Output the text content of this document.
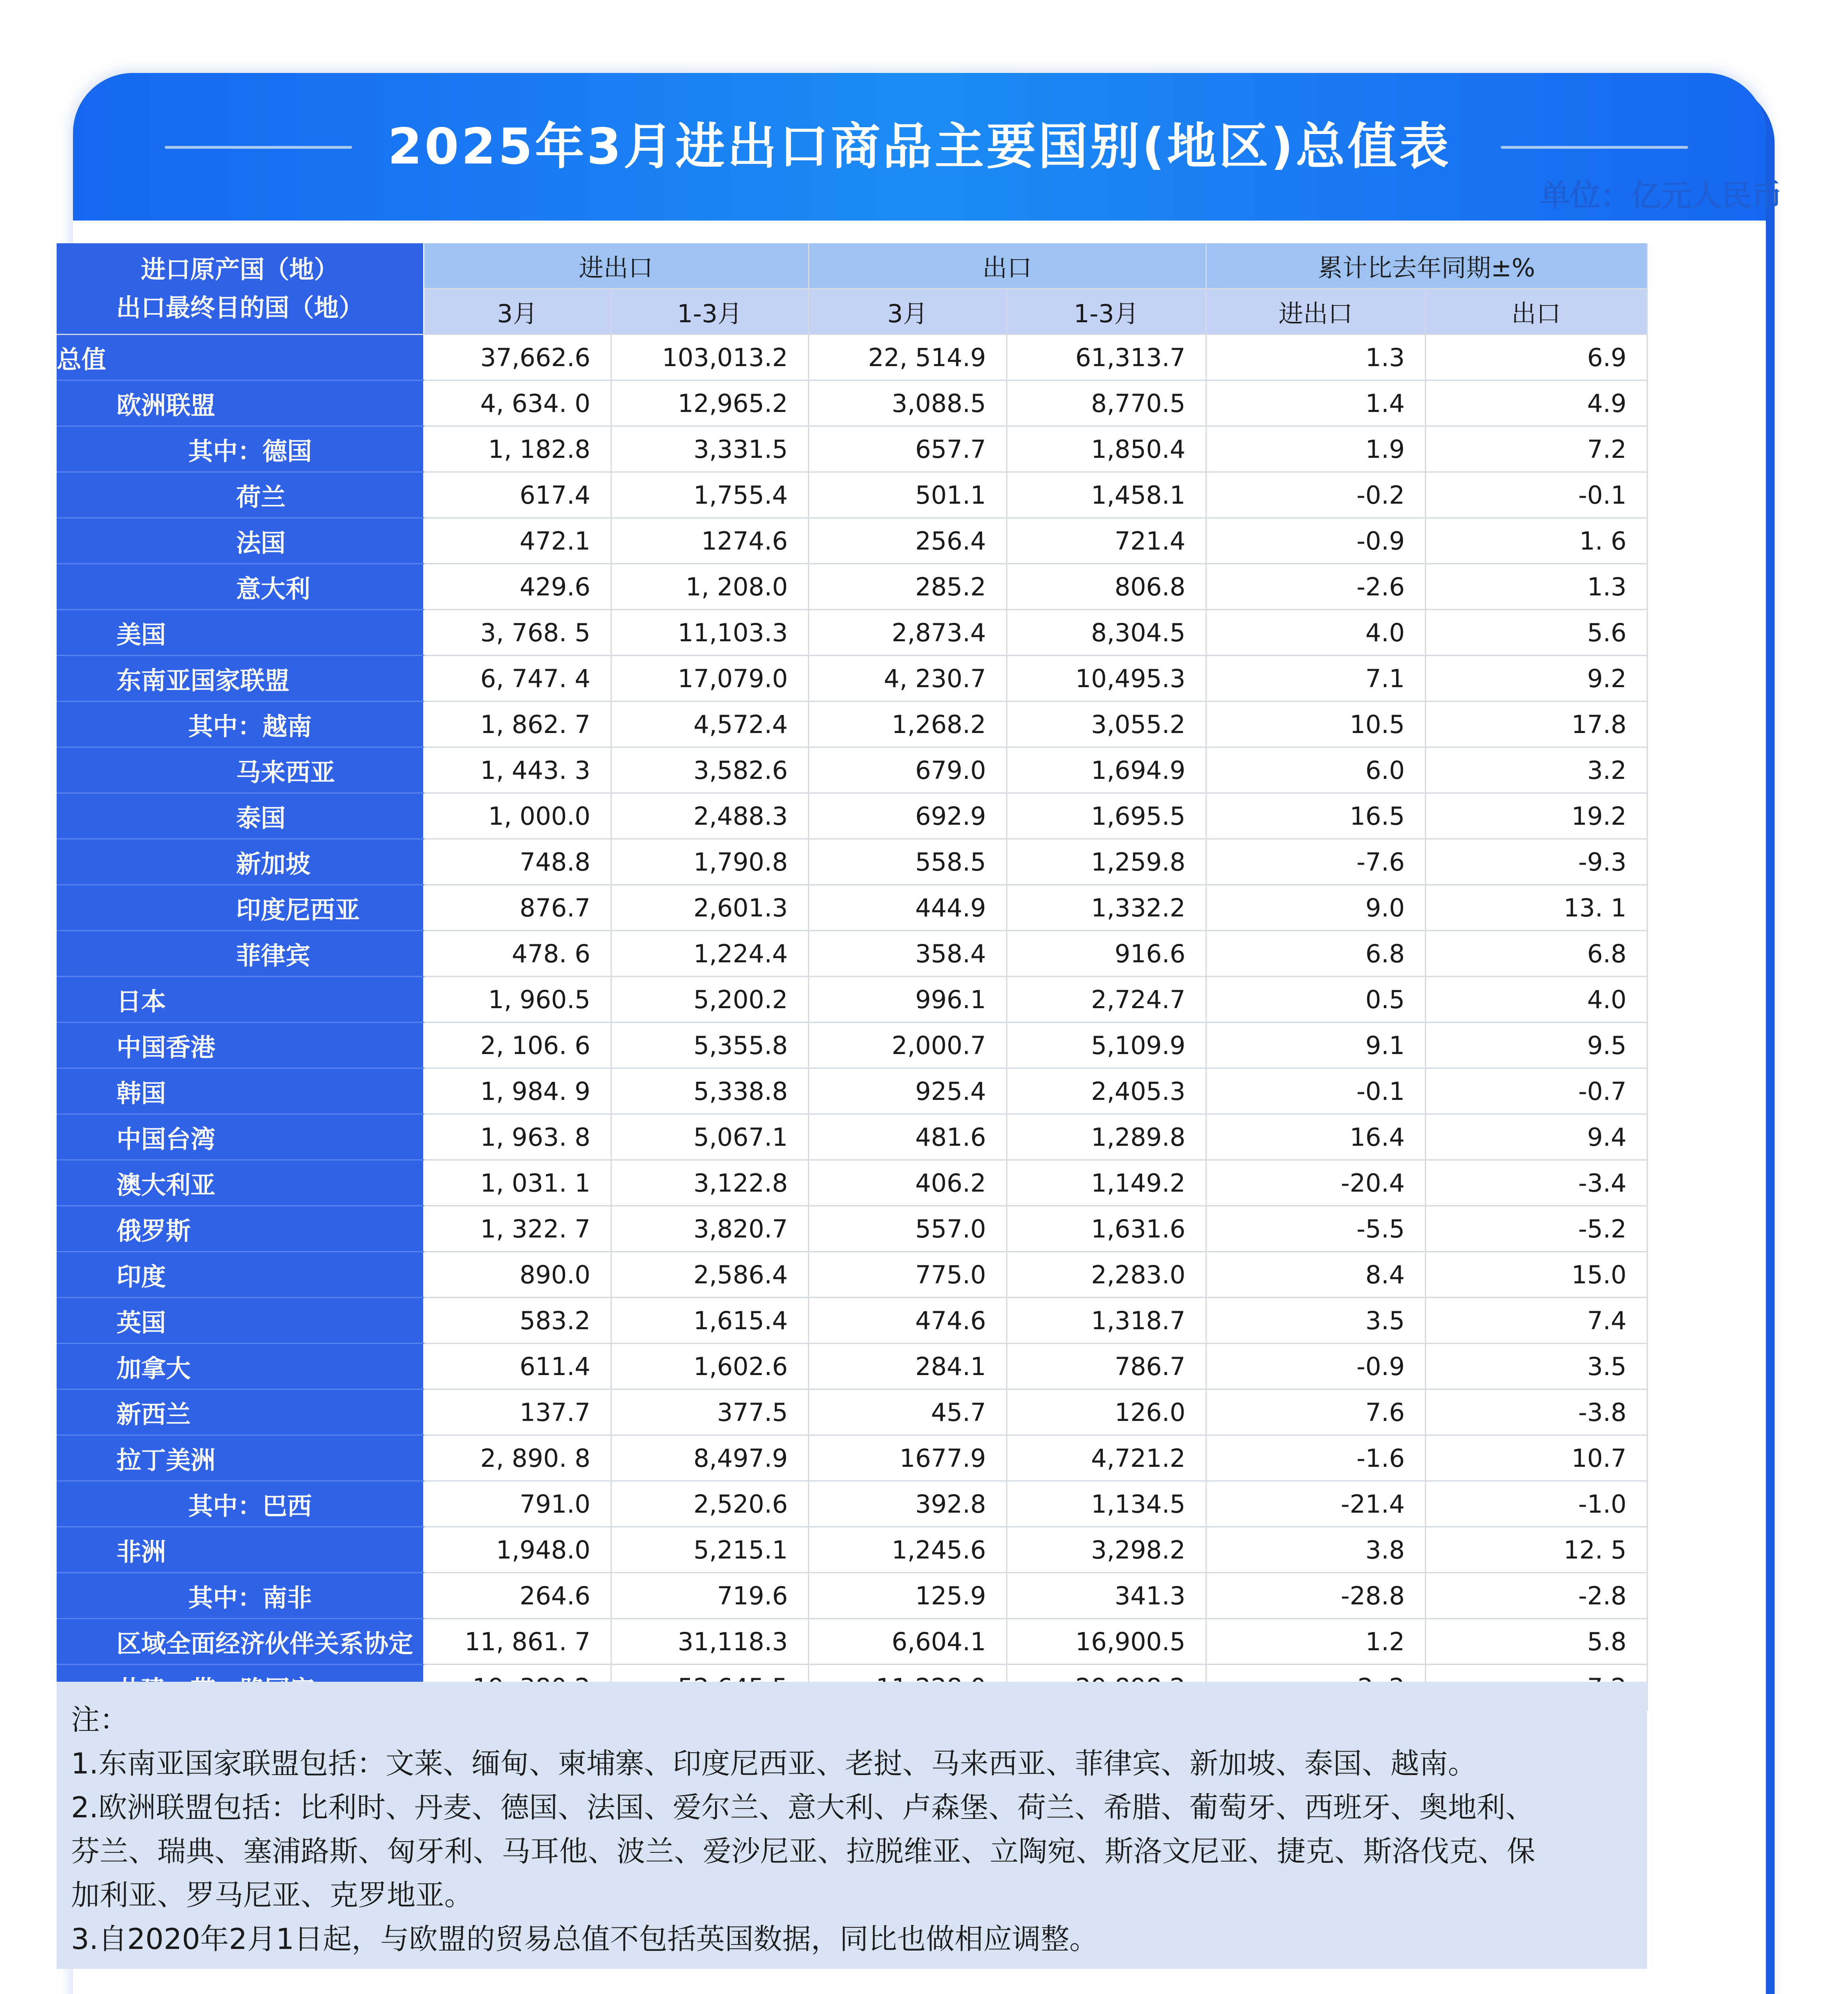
2025年3月进出口商品主要国别(地区)总值表
单位：亿元人民币
进口原产国（地）
出口最终目的国（地）	进出口		出口		累计比去年同期±%	
	3月	1-3月	3月	1-3月	进出口	出口
总值	37,662.6	103,013.2	22, 514.9	61,313.7	1.3	6.9
欧洲联盟	4, 634. 0	12,965.2	3,088.5	8,770.5	1.4	4.9
其中：德国	1, 182.8	3,331.5	657.7	1,850.4	1.9	7.2
荷兰	617.4	1,755.4	501.1	1,458.1	-0.2	-0.1
法国	472.1	1274.6	256.4	721.4	-0.9	1. 6
意大利	429.6	1, 208.0	285.2	806.8	-2.6	1.3
美国	3, 768. 5	11,103.3	2,873.4	8,304.5	4.0	5.6
东南亚国家联盟	6, 747. 4	17,079.0	4, 230.7	10,495.3	7.1	9.2
其中：越南	1, 862. 7	4,572.4	1,268.2	3,055.2	10.5	17.8
马来西亚	1, 443. 3	3,582.6	679.0	1,694.9	6.0	3.2
泰国	1, 000.0	2,488.3	692.9	1,695.5	16.5	19.2
新加坡	748.8	1,790.8	558.5	1,259.8	-7.6	-9.3
印度尼西亚	876.7	2,601.3	444.9	1,332.2	9.0	13. 1
菲律宾	478. 6	1,224.4	358.4	916.6	6.8	6.8
日本	1, 960.5	5,200.2	996.1	2,724.7	0.5	4.0
中国香港	2, 106. 6	5,355.8	2,000.7	5,109.9	9.1	9.5
韩国	1, 984. 9	5,338.8	925.4	2,405.3	-0.1	-0.7
中国台湾	1, 963. 8	5,067.1	481.6	1,289.8	16.4	9.4
澳大利亚	1, 031. 1	3,122.8	406.2	1,149.2	-20.4	-3.4
俄罗斯	1, 322. 7	3,820.7	557.0	1,631.6	-5.5	-5.2
印度	890.0	2,586.4	775.0	2,283.0	8.4	15.0
英国	583.2	1,615.4	474.6	1,318.7	3.5	7.4
加拿大	611.4	1,602.6	284.1	786.7	-0.9	3.5
新西兰	137.7	377.5	45.7	126.0	7.6	-3.8
拉丁美洲	2, 890. 8	8,497.9	1677.9	4,721.2	-1.6	10.7
其中：巴西	791.0	2,520.6	392.8	1,134.5	-21.4	-1.0
非洲	1,948.0	5,215.1	1,245.6	3,298.2	3.8	12. 5
其中：南非	264.6	719.6	125.9	341.3	-28.8	-2.8
区域全面经济伙伴关系协定	11, 861. 7	31,118.3	6,604.1	16,900.5	1.2	5.8

注：
1.东南亚国家联盟包括：文莱、缅甸、柬埔寨、印度尼西亚、老挝、马来西亚、菲律宾、新加坡、泰国、越南。
2.欧洲联盟包括：比利时、丹麦、德国、法国、爱尔兰、意大利、卢森堡、荷兰、希腊、葡萄牙、西班牙、奥地利、
芬兰、瑞典、塞浦路斯、匈牙利、马耳他、波兰、爱沙尼亚、拉脱维亚、立陶宛、斯洛文尼亚、捷克、斯洛伐克、保
加利亚、罗马尼亚、克罗地亚。
3.自2020年2月1日起，与欧盟的贸易总值不包括英国数据，同比也做相应调整。
